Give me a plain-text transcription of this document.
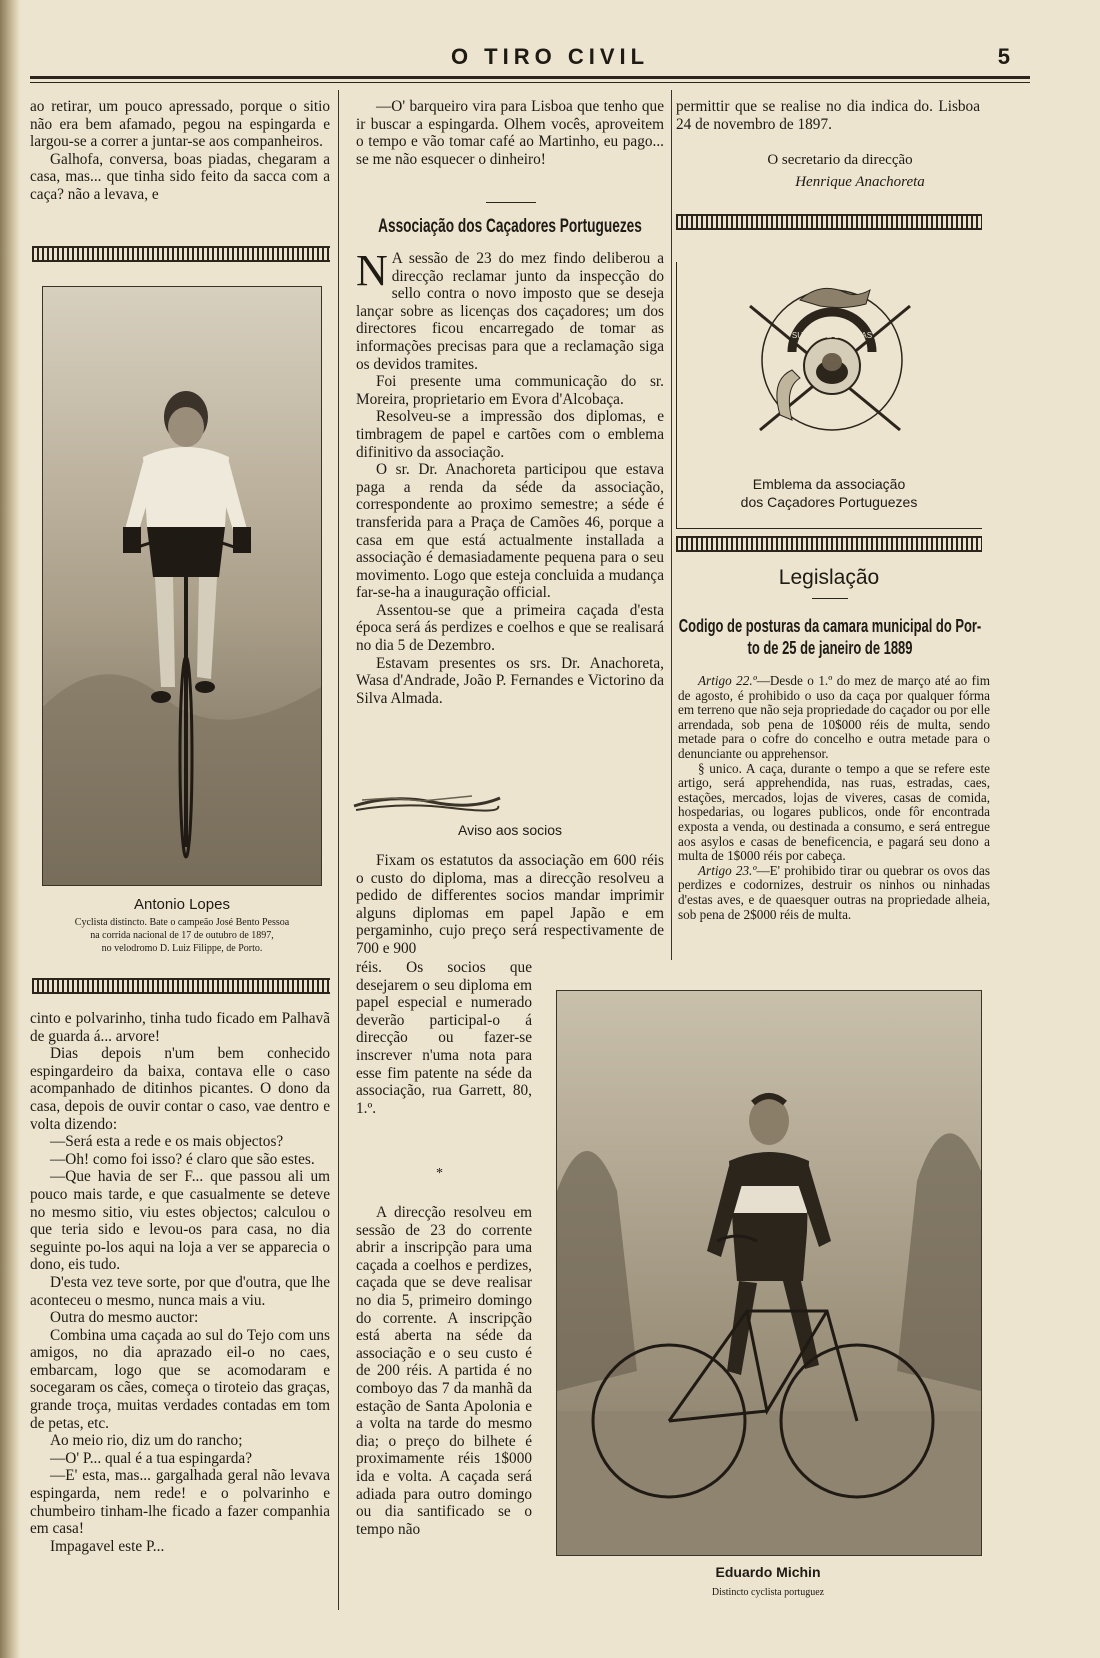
O TIRO CIVIL	5

ao retirar, um pouco apressado, porque o sitio não era bem afamado, pegou na espingarda e largou-se a correr a juntar-se aos companheiros.

Galhofa, conversa, boas piadas, chegaram a casa, mas... que tinha sido feito da sacca com a caça? não a levava, e

Antonio Lopes
Cyclista distincto. Bate o campeão José Bento Pessoa
na corrida nacional de 17 de outubro de 1897,
no velodromo D. Luiz Filippe, de Porto.

cinto e polvarinho, tinha tudo ficado em Palhavã de guarda á... arvore!

Dias depois n'um bem conhecido espingardeiro da baixa, contava elle o caso acompanhado de ditinhos picantes. O dono da casa, depois de ouvir contar o caso, vae dentro e volta dizendo:

—Será esta a rede e os mais objectos?

—Oh! como foi isso? é claro que são estes.

—Que havia de ser F... que passou ali um pouco mais tarde, e que casualmente se deteve no mesmo sitio, viu estes objectos; calculou o que teria sido e levou-os para casa, no dia seguinte po-los aqui na loja a ver se apparecia o dono, eis tudo.

D'esta vez teve sorte, por que d'outra, que lhe aconteceu o mesmo, nunca mais a viu.

Outra do mesmo auctor:

Combina uma caçada ao sul do Tejo com uns amigos, no dia aprazado eil-o no caes, embarcam, logo que se acomodaram e socegaram os cães, começa o tiroteio das graças, grande troça, muitas verdades contadas em tom de petas, etc.

Ao meio rio, diz um do rancho;

—O' P... qual é a tua espingarda?

—E' esta, mas... gargalhada geral não levava espingarda, nem rede! e o polvarinho e chumbeiro tinham-lhe ficado a fazer companhia em casa!

Impagavel este P...

—O' barqueiro vira para Lisboa que tenho que ir buscar a espingarda. Olhem vocês, aproveitem o tempo e vão tomar café ao Martinho, eu pago... se me não esquecer o dinheiro!

Associação dos Caçadores Portuguezes

N A sessão de 23 do mez findo deliberou a direcção reclamar junto da inspecção do sello contra o novo imposto que se deseja lançar sobre as licenças dos caçadores; um dos directores ficou encarregado de tomar as informações precisas para que a reclamação siga os devidos tramites.

Foi presente uma communicação do sr. Moreira, proprietario em Evora d'Alcobaça.

Resolveu-se a impressão dos diplomas, e timbragem de papel e cartões com o emblema difinitivo da associação.

O sr. Dr. Anachoreta participou que estava paga a renda da séde da associação, correspondente ao proximo semestre; a séde é transferida para a Praça de Camões 46, porque a casa em que está actualmente installada a associação é demasiadamente pequena para o seu movimento. Logo que esteja concluida a mudança far-se-ha a inauguração official.

Assentou-se que a primeira caçada d'esta época será ás perdizes e coelhos e que se realisará no dia 5 de Dezembro.

Estavam presentes os srs. Dr. Anachoreta, Wasa d'Andrade, João P. Fernandes e Victorino da Silva Almada.

Aviso aos socios

Fixam os estatutos da associação em 600 réis o custo do diploma, mas a direcção resolveu a pedido de differentes socios mandar imprimir alguns diplomas em papel Japão e em pergaminho, cujo preço será respectivamente de 700 e 900

réis. Os socios que desejarem o seu diploma em papel especial e numerado deverão participal-o á direcção ou fazer-se inscrever n'uma nota para esse fim patente na séde da associação, rua Garrett, 80, 1.º.

*

A direcção resolveu em sessão de 23 do corrente abrir a inscripção para uma caçada a coelhos e perdizes, caçada que se deve realisar no dia 5, primeiro domingo do corrente. A inscripção está aberta na séde da associação e o seu custo é de 200 réis. A partida é no comboyo das 7 da manhã da estação de Santa Apolonia e a volta na tarde do mesmo dia; o preço do bilhete é proximamente réis 1$000 ida e volta. A caçada será adiada para outro domingo ou dia santificado se o tempo não

permittir que se realise no dia indica do. Lisboa 24 de novembro de 1897.

O secretario da direcção
Henrique Anachoreta
SUB LEGE LIBERTAS
Emblema da associação
dos Caçadores Portuguezes
Legislação
Codigo de posturas da camara municipal do Por-
to de 25 de janeiro de 1889

Artigo 22.º—Desde o 1.º do mez de março até ao fim de agosto, é prohibido o uso da caça por qualquer fórma em terreno que não seja propriedade do caçador ou por elle arrendada, sob pena de 10$000 réis de multa, sendo metade para o cofre do concelho e outra metade para o denunciante ou apprehensor.

§ unico. A caça, durante o tempo a que se refere este artigo, será apprehendida, nas ruas, estradas, caes, estações, mercados, lojas de viveres, casas de comida, hospedarias, ou logares publicos, onde fôr encontrada exposta a venda, ou destinada a consumo, e será entregue aos asylos e casas de beneficencia, e pagará seu dono a multa de 1$000 réis por cabeça.

Artigo 23.º—E' prohibido tirar ou quebrar os ovos das perdizes e codornizes, destruir os ninhos ou ninhadas d'estas aves, e de quaesquer outras na propriedade alheia, sob pena de 2$000 réis de multa.

Eduardo Michin
Distincto cyclista portuguez
